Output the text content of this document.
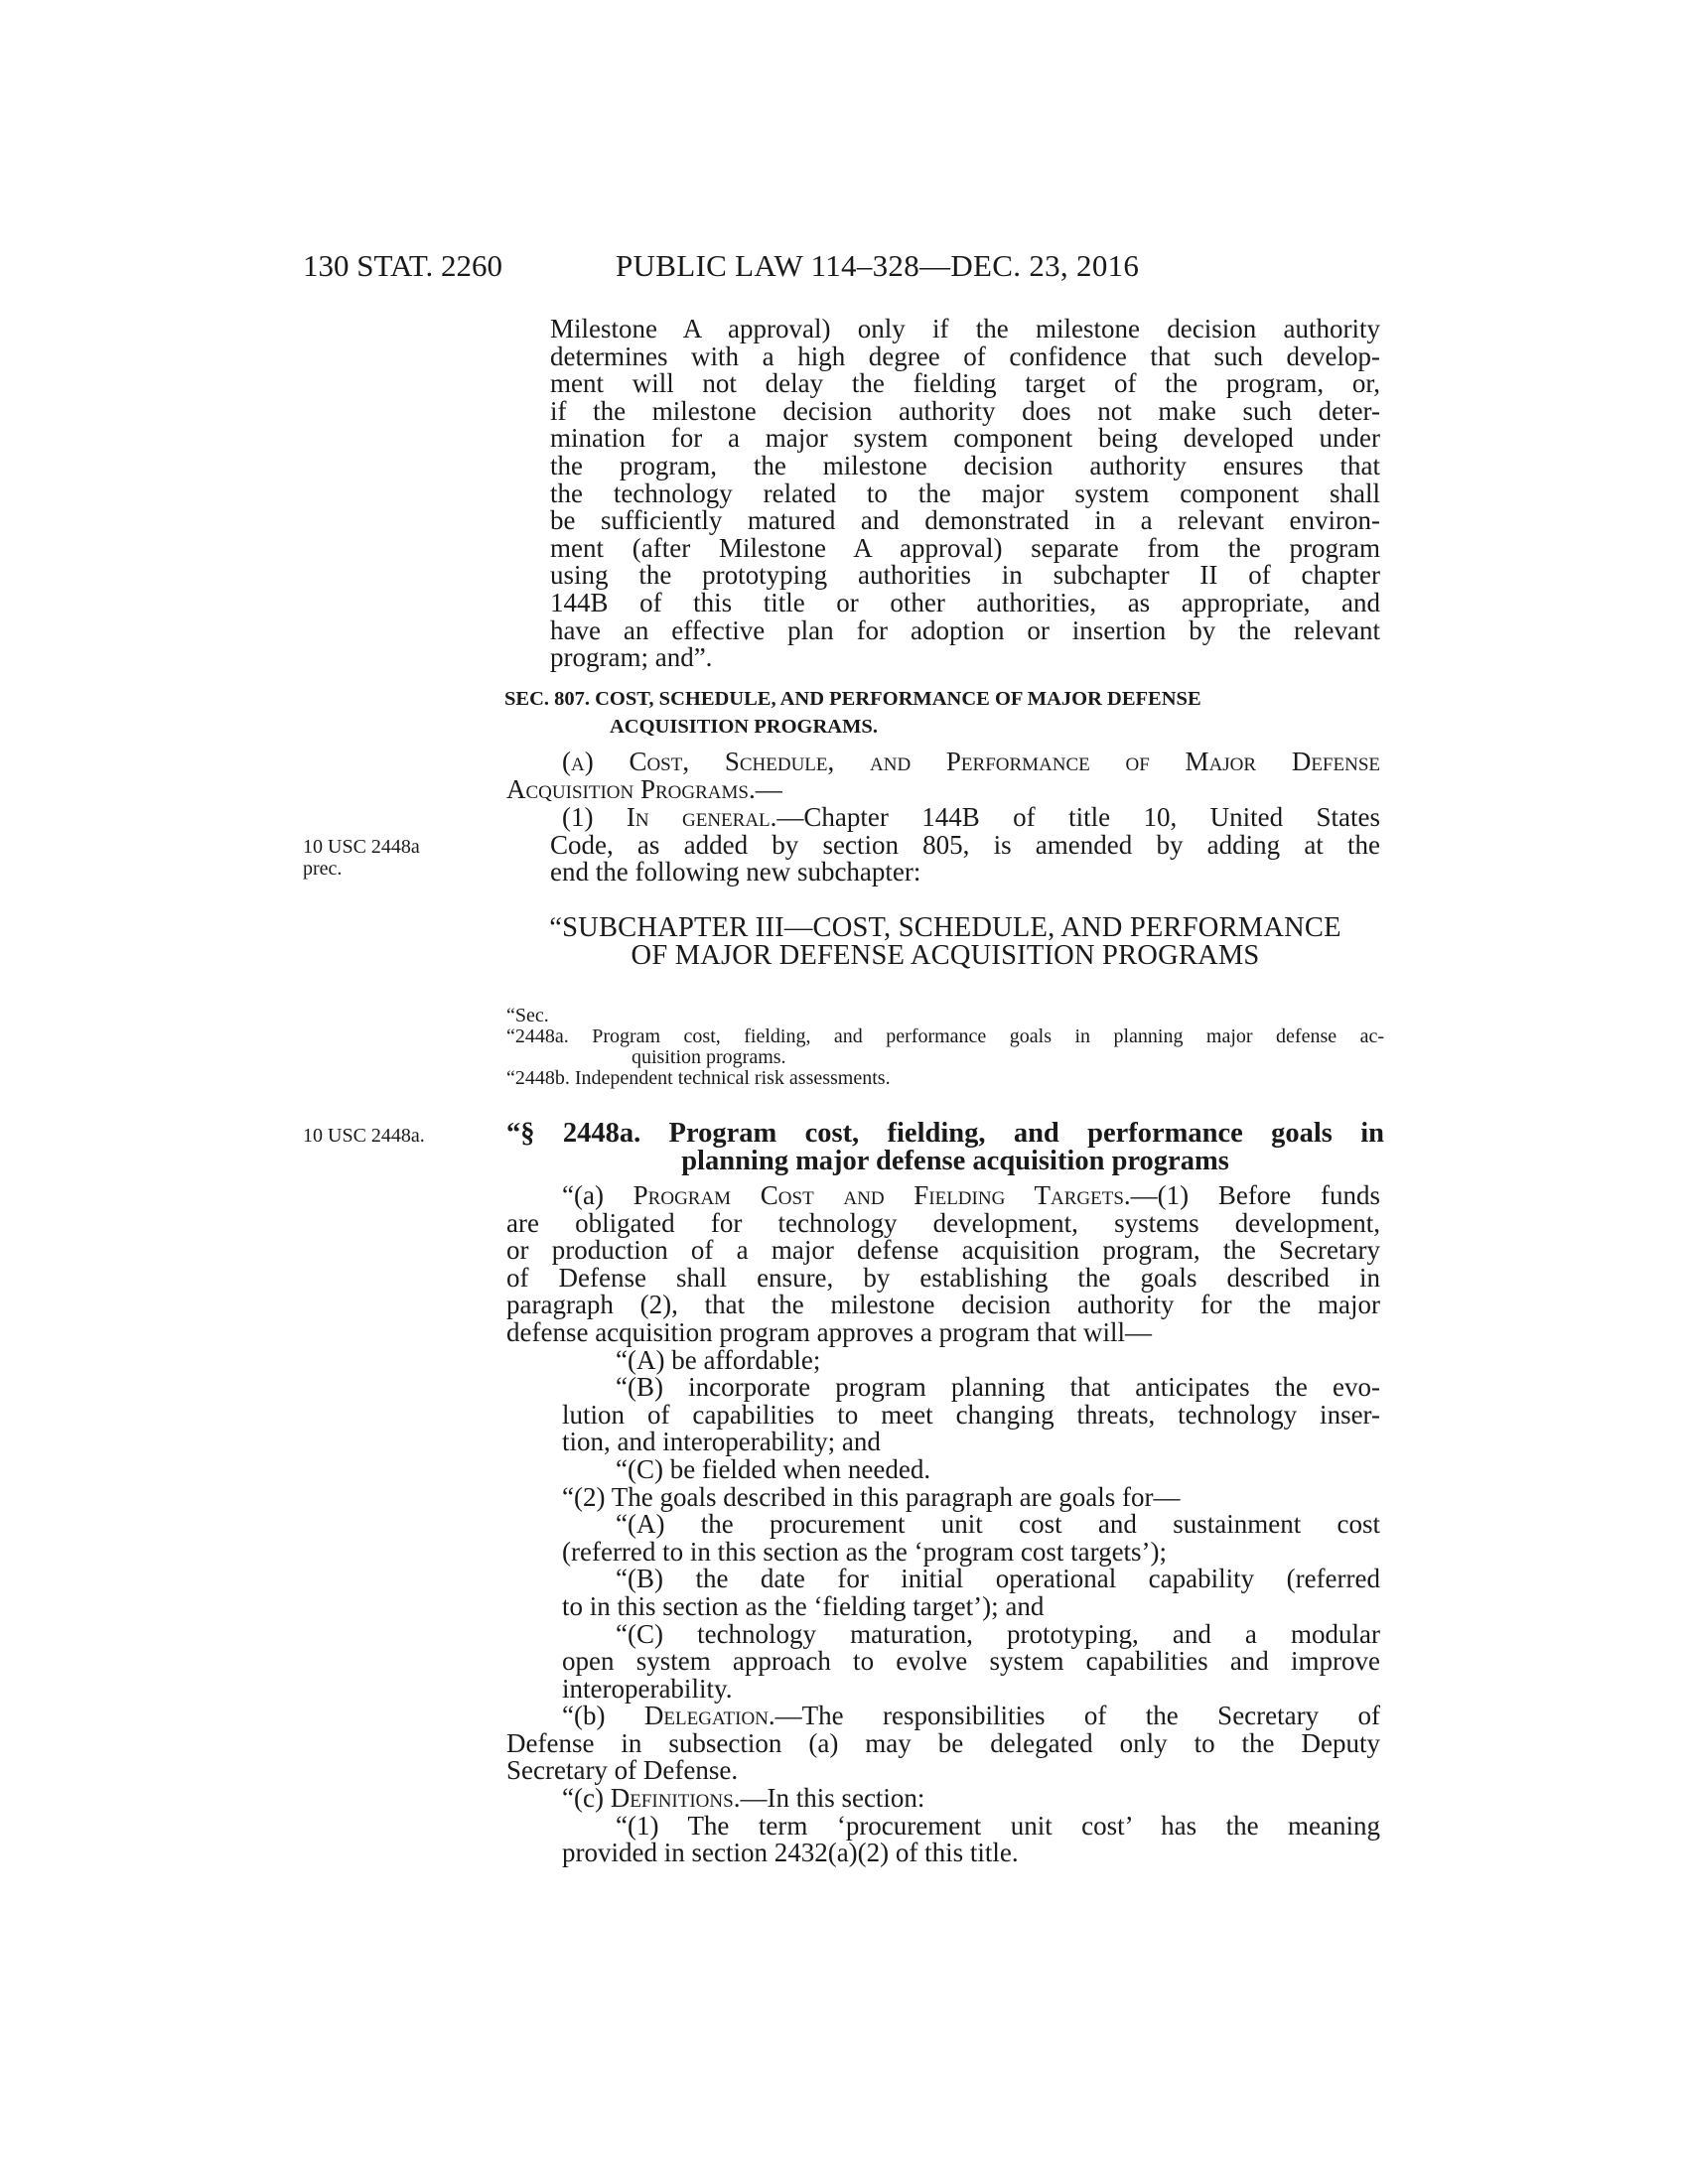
130 STAT. 2260	PUBLIC LAW 114–328—DEC. 23, 2016
Milestone A approval) only if the milestone decision authority
determines with a high degree of confidence that such develop-
ment will not delay the fielding target of the program, or,
if the milestone decision authority does not make such deter-
mination for a major system component being developed under
the program, the milestone decision authority ensures that
the technology related to the major system component shall
be sufficiently matured and demonstrated in a relevant environ-
ment (after Milestone A approval) separate from the program
using the prototyping authorities in subchapter II of chapter
144B of this title or other authorities, as appropriate, and
have an effective plan for adoption or insertion by the relevant
program; and”.
SEC. 807. COST, SCHEDULE, AND PERFORMANCE OF MAJOR DEFENSE
ACQUISITION PROGRAMS.
(a) Cost, Schedule, and Performance of Major Defense
Acquisition Programs.—
(1) In general.—Chapter 144B of title 10, United States
Code, as added by section 805, is amended by adding at the
end the following new subchapter:
10 USC 2448a
prec.
“SUBCHAPTER III—COST, SCHEDULE, AND PERFORMANCE
OF MAJOR DEFENSE ACQUISITION PROGRAMS
“Sec.
“2448a. Program cost, fielding, and performance goals in planning major defense ac-
quisition programs.
“2448b. Independent technical risk assessments.
10 USC 2448a.	“§ 2448a. Program cost, fielding, and performance goals in
planning major defense acquisition programs
“(a) Program Cost and Fielding Targets.—(1) Before funds
are obligated for technology development, systems development,
or production of a major defense acquisition program, the Secretary
of Defense shall ensure, by establishing the goals described in
paragraph (2), that the milestone decision authority for the major
defense acquisition program approves a program that will—
“(A) be affordable;
“(B) incorporate program planning that anticipates the evo-
lution of capabilities to meet changing threats, technology inser-
tion, and interoperability; and
“(C) be fielded when needed.
“(2) The goals described in this paragraph are goals for—
“(A) the procurement unit cost and sustainment cost
(referred to in this section as the ‘program cost targets’);
“(B) the date for initial operational capability (referred
to in this section as the ‘fielding target’); and
“(C) technology maturation, prototyping, and a modular
open system approach to evolve system capabilities and improve
interoperability.
“(b) Delegation.—The responsibilities of the Secretary of
Defense in subsection (a) may be delegated only to the Deputy
Secretary of Defense.
“(c) Definitions.—In this section:
“(1) The term ‘procurement unit cost’ has the meaning
provided in section 2432(a)(2) of this title.
